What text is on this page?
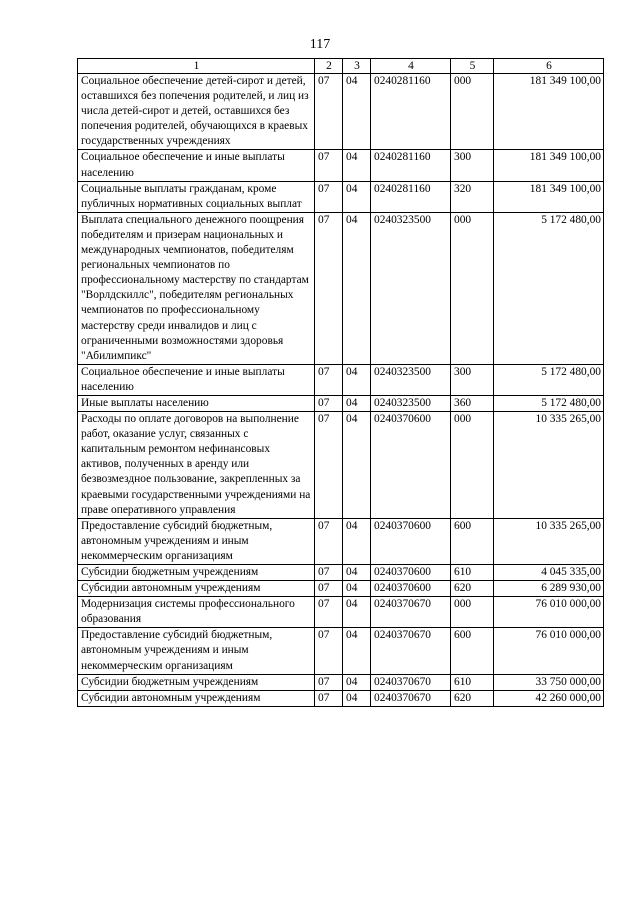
117
1	2	3	4	5	6
Социальное обеспечение детей-сирот и детей, оставшихся без попечения родителей, и лиц из числа детей-сирот и детей, оставшихся без попечения родителей, обучающихся в краевых государственных учреждениях	07	04	0240281160	000	181 349 100,00
Социальное обеспечение и иные выплаты населению	07	04	0240281160	300	181 349 100,00
Социальные выплаты гражданам, кроме публичных нормативных социальных выплат	07	04	0240281160	320	181 349 100,00
Выплата специального денежного поощрения победителям и призерам национальных и международных чемпионатов, победителям региональных чемпионатов по профессиональному мастерству по стандартам "Ворлдскиллс", победителям региональных чемпионатов по профессиональному мастерству среди инвалидов и лиц с ограниченными возможностями здоровья "Абилимпикс"	07	04	0240323500	000	5 172 480,00
Социальное обеспечение и иные выплаты населению	07	04	0240323500	300	5 172 480,00
Иные выплаты населению	07	04	0240323500	360	5 172 480,00
Расходы по оплате договоров на выполнение работ, оказание услуг, связанных с капитальным ремонтом нефинансовых активов, полученных в аренду или безвозмездное пользование, закрепленных за краевыми государственными учреждениями на праве оперативного управления	07	04	0240370600	000	10 335 265,00
Предоставление субсидий бюджетным, автономным учреждениям и иным некоммерческим организациям	07	04	0240370600	600	10 335 265,00
Субсидии бюджетным учреждениям	07	04	0240370600	610	4 045 335,00
Субсидии автономным учреждениям	07	04	0240370600	620	6 289 930,00
Модернизация системы профессионального образования	07	04	0240370670	000	76 010 000,00
Предоставление субсидий бюджетным, автономным учреждениям и иным некоммерческим организациям	07	04	0240370670	600	76 010 000,00
Субсидии бюджетным учреждениям	07	04	0240370670	610	33 750 000,00
Субсидии автономным учреждениям	07	04	0240370670	620	42 260 000,00
